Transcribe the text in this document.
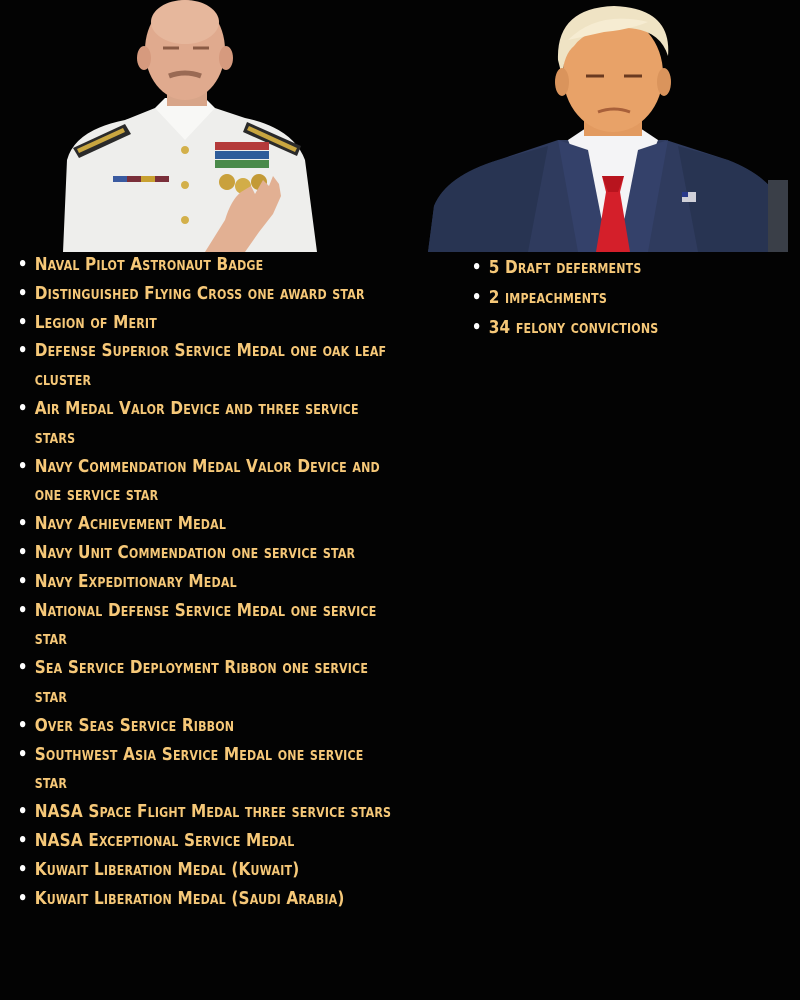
• Naval Pilot Astronaut Badge
• Distinguished Flying Cross one award star
• Legion of Merit
• Defense Superior Service Medal one oak leaf cluster
• Air Medal Valor Device and three service stars
• Navy Commendation Medal Valor Device and one service star
• Navy Achievement Medal
• Navy Unit Commendation one service star
• Navy Expeditionary Medal
• National Defense Service Medal one service star
• Sea Service Deployment Ribbon one service star
• Over Seas Service Ribbon
• Southwest Asia Service Medal one service star
• NASA Space Flight Medal three service stars
• NASA Exceptional Service Medal
• Kuwait Liberation Medal (Kuwait)
• Kuwait Liberation Medal (Saudi Arabia)
• 5 Draft deferments
• 2 impeachments
• 34 felony convictions
